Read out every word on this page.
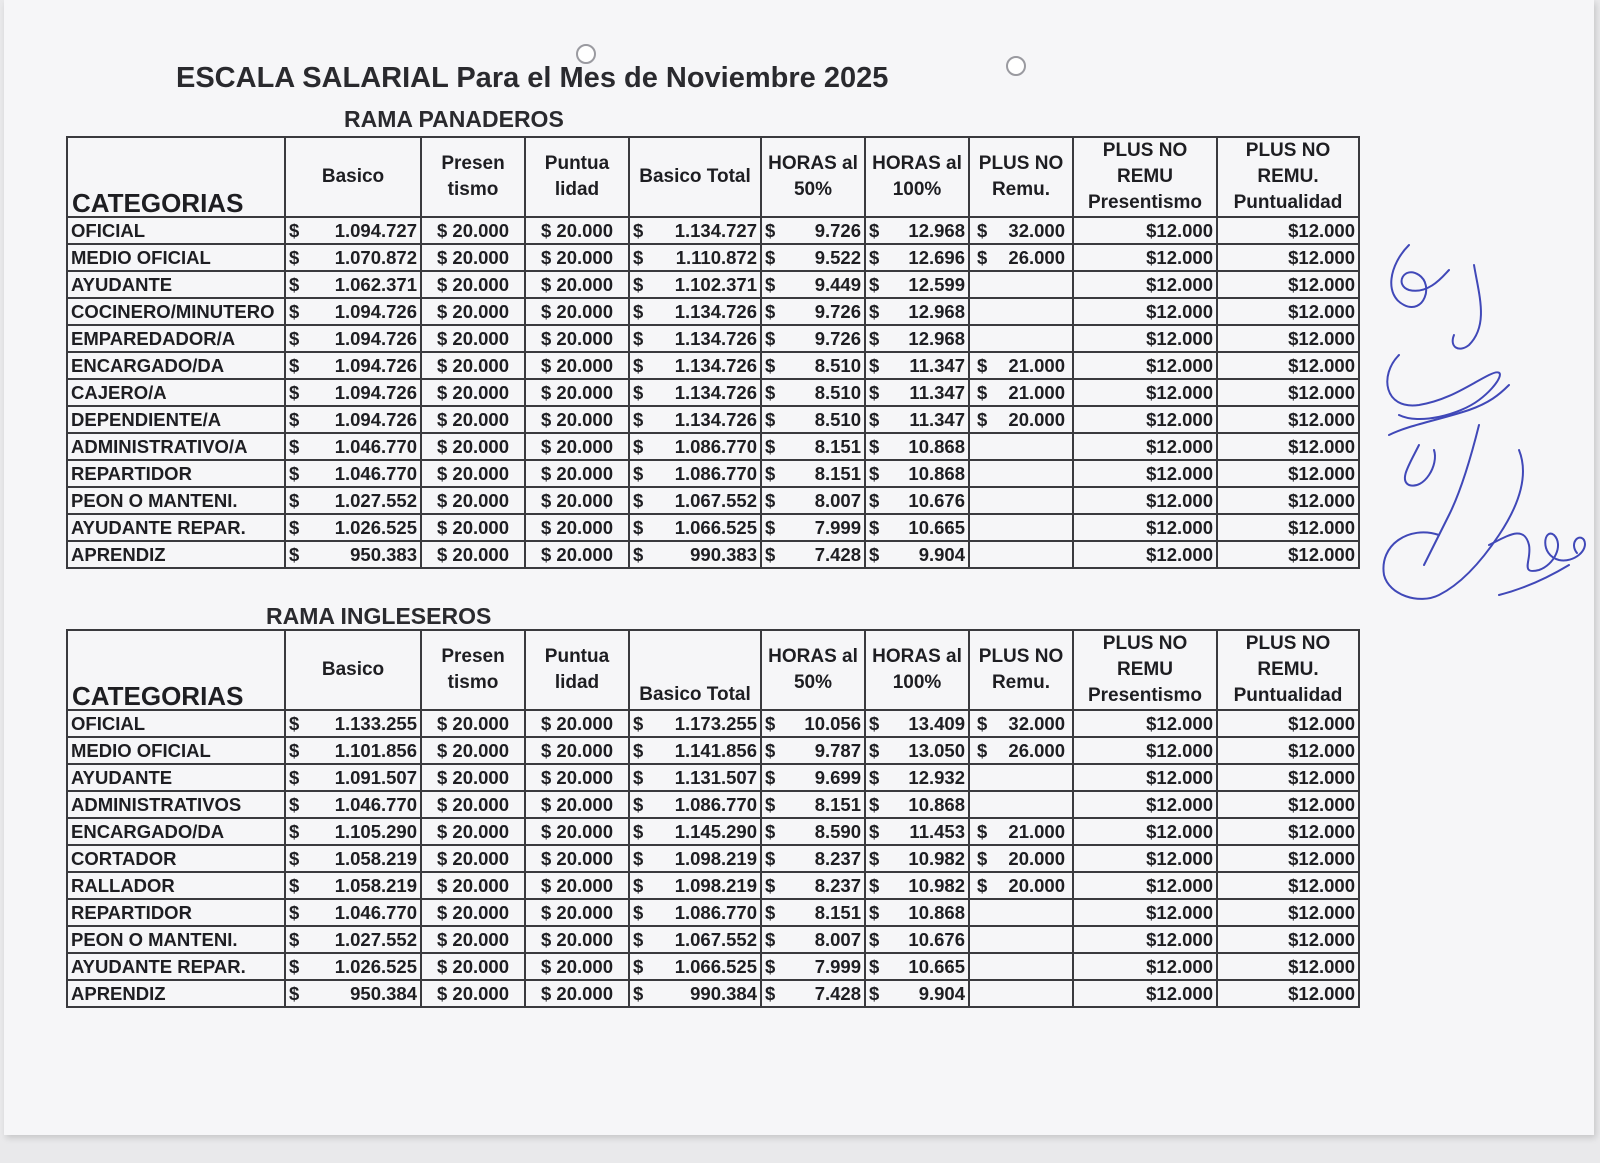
ESCALA SALARIAL Para el Mes de Noviembre 2025
RAMA PANADEROS
CATEGORIAS	Basico	Presen tismo	Puntua lidad	Basico Total	HORAS al 50%	HORAS al 100%	PLUS NO Remu.	PLUS NO REMU Presentismo	PLUS NO REMU. Puntualidad
OFICIAL	$ 1.094.727	$ 20.000	$ 20.000	$ 1.134.727	$ 9.726	$ 12.968	$ 32.000	$12.000	$12.000
MEDIO OFICIAL	$ 1.070.872	$ 20.000	$ 20.000	$ 1.110.872	$ 9.522	$ 12.696	$ 26.000	$12.000	$12.000
AYUDANTE	$ 1.062.371	$ 20.000	$ 20.000	$ 1.102.371	$ 9.449	$ 12.599		$12.000	$12.000
COCINERO/MINUTERO	$ 1.094.726	$ 20.000	$ 20.000	$ 1.134.726	$ 9.726	$ 12.968		$12.000	$12.000
EMPAREDADOR/A	$ 1.094.726	$ 20.000	$ 20.000	$ 1.134.726	$ 9.726	$ 12.968		$12.000	$12.000
ENCARGADO/DA	$ 1.094.726	$ 20.000	$ 20.000	$ 1.134.726	$ 8.510	$ 11.347	$ 21.000	$12.000	$12.000
CAJERO/A	$ 1.094.726	$ 20.000	$ 20.000	$ 1.134.726	$ 8.510	$ 11.347	$ 21.000	$12.000	$12.000
DEPENDIENTE/A	$ 1.094.726	$ 20.000	$ 20.000	$ 1.134.726	$ 8.510	$ 11.347	$ 20.000	$12.000	$12.000
ADMINISTRATIVO/A	$ 1.046.770	$ 20.000	$ 20.000	$ 1.086.770	$ 8.151	$ 10.868		$12.000	$12.000
REPARTIDOR	$ 1.046.770	$ 20.000	$ 20.000	$ 1.086.770	$ 8.151	$ 10.868		$12.000	$12.000
PEON O MANTENI.	$ 1.027.552	$ 20.000	$ 20.000	$ 1.067.552	$ 8.007	$ 10.676		$12.000	$12.000
AYUDANTE REPAR.	$ 1.026.525	$ 20.000	$ 20.000	$ 1.066.525	$ 7.999	$ 10.665		$12.000	$12.000
APRENDIZ	$ 950.383	$ 20.000	$ 20.000	$ 990.383	$ 7.428	$ 9.904		$12.000	$12.000
RAMA INGLESEROS
CATEGORIAS	Basico	Presen tismo	Puntua lidad	Basico Total	HORAS al 50%	HORAS al 100%	PLUS NO Remu.	PLUS NO REMU Presentismo	PLUS NO REMU. Puntualidad
OFICIAL	$ 1.133.255	$ 20.000	$ 20.000	$ 1.173.255	$ 10.056	$ 13.409	$ 32.000	$12.000	$12.000
MEDIO OFICIAL	$ 1.101.856	$ 20.000	$ 20.000	$ 1.141.856	$ 9.787	$ 13.050	$ 26.000	$12.000	$12.000
AYUDANTE	$ 1.091.507	$ 20.000	$ 20.000	$ 1.131.507	$ 9.699	$ 12.932		$12.000	$12.000
ADMINISTRATIVOS	$ 1.046.770	$ 20.000	$ 20.000	$ 1.086.770	$ 8.151	$ 10.868		$12.000	$12.000
ENCARGADO/DA	$ 1.105.290	$ 20.000	$ 20.000	$ 1.145.290	$ 8.590	$ 11.453	$ 21.000	$12.000	$12.000
CORTADOR	$ 1.058.219	$ 20.000	$ 20.000	$ 1.098.219	$ 8.237	$ 10.982	$ 20.000	$12.000	$12.000
RALLADOR	$ 1.058.219	$ 20.000	$ 20.000	$ 1.098.219	$ 8.237	$ 10.982	$ 20.000	$12.000	$12.000
REPARTIDOR	$ 1.046.770	$ 20.000	$ 20.000	$ 1.086.770	$ 8.151	$ 10.868		$12.000	$12.000
PEON O MANTENI.	$ 1.027.552	$ 20.000	$ 20.000	$ 1.067.552	$ 8.007	$ 10.676		$12.000	$12.000
AYUDANTE REPAR.	$ 1.026.525	$ 20.000	$ 20.000	$ 1.066.525	$ 7.999	$ 10.665		$12.000	$12.000
APRENDIZ	$ 950.384	$ 20.000	$ 20.000	$ 990.384	$ 7.428	$ 9.904		$12.000	$12.000
